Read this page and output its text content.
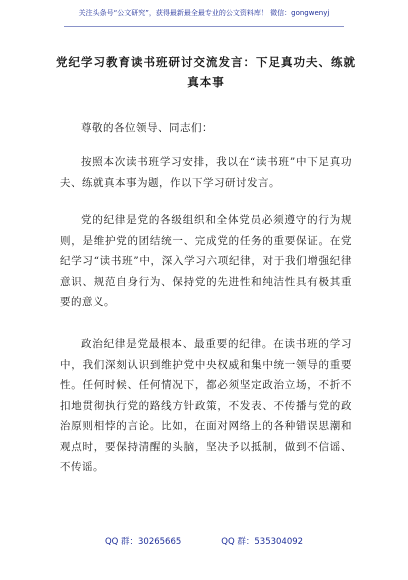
关注头条号“公文研究”，获得最新最全最专业的公文资料库！ 微信：gongwenyj
党纪学习教育读书班研讨交流发言：下足真功夫、练就真本事

尊敬的各位领导、同志们：

按照本次读书班学习安排，我以在“读书班”中下足真功夫、练就真本事为题，作以下学习研讨发言。

党的纪律是党的各级组织和全体党员必须遵守的行为规则，是维护党的团结统一、完成党的任务的重要保证。在党纪学习“读书班”中，深入学习六项纪律，对于我们增强纪律意识、规范自身行为、保持党的先进性和纯洁性具有极其重要的意义。

政治纪律是党最根本、最重要的纪律。在读书班的学习中，我们深刻认识到维护党中央权威和集中统一领导的重要性。任何时候、任何情况下，都必须坚定政治立场，不折不扣地贯彻执行党的路线方针政策，不发表、不传播与党的政治原则相悖的言论。比如，在面对网络上的各种错误思潮和观点时，要保持清醒的头脑，坚决予以抵制，做到不信谣、不传谣。

QQ 群：30265665	QQ 群：535304092
